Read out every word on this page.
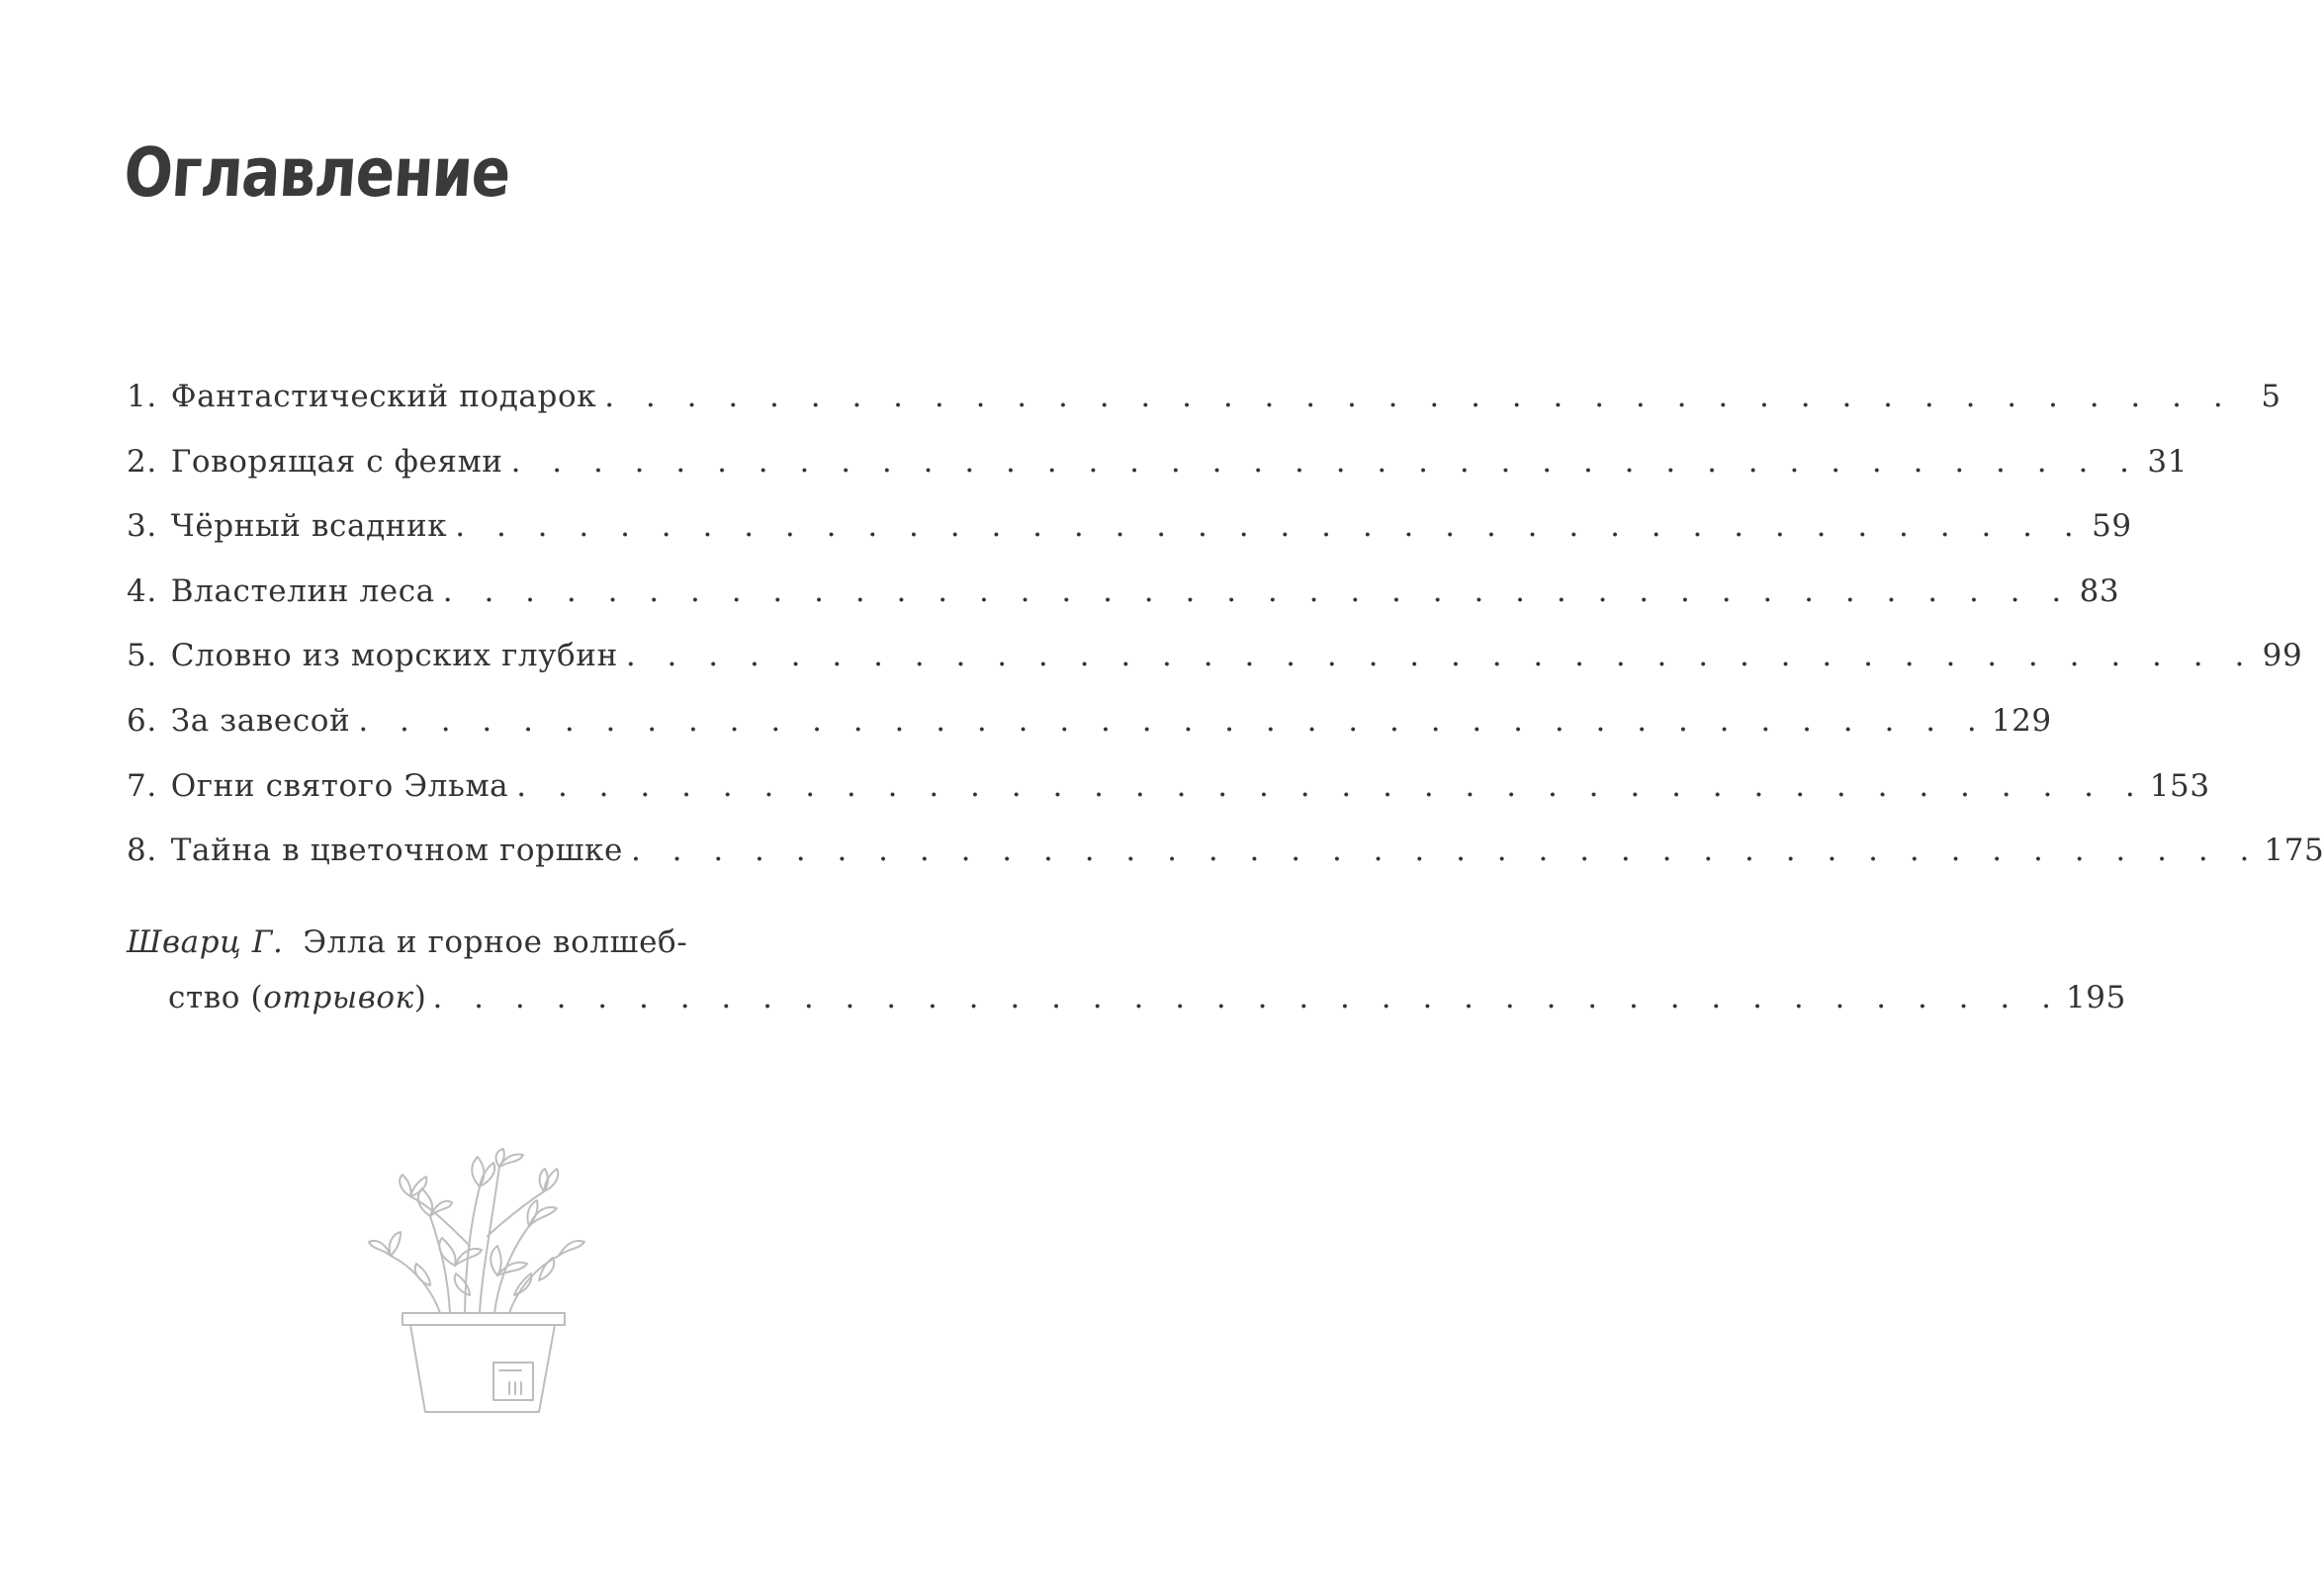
Оглавление
1. Фантастический подарок . . . . . . . . . . . . . . . . . . . . . . . . . . . . . . . . . . . . . . . . 5
2. Говорящая с феями . . . . . . . . . . . . . . . . . . . . . . . . . . . . . . . . . . . . . . . . 31
3. Чёрный всадник . . . . . . . . . . . . . . . . . . . . . . . . . . . . . . . . . . . . . . . . 59
4. Властелин леса . . . . . . . . . . . . . . . . . . . . . . . . . . . . . . . . . . . . . . . . 83
5. Словно из морских глубин . . . . . . . . . . . . . . . . . . . . . . . . . . . . . . . . . . . . . . . . 99
6. За завесой . . . . . . . . . . . . . . . . . . . . . . . . . . . . . . . . . . . . . . . . 129
7. Огни святого Эльма . . . . . . . . . . . . . . . . . . . . . . . . . . . . . . . . . . . . . . . . 153
8. Тайна в цветочном горшке . . . . . . . . . . . . . . . . . . . . . . . . . . . . . . . . . . . . . . . . 175
Шварц Г. Элла и горное волшеб-
ство (отрывок) . . . . . . . . . . . . . . . . . . . . . . . . . . . . . . . . . . . . . . . . 195
